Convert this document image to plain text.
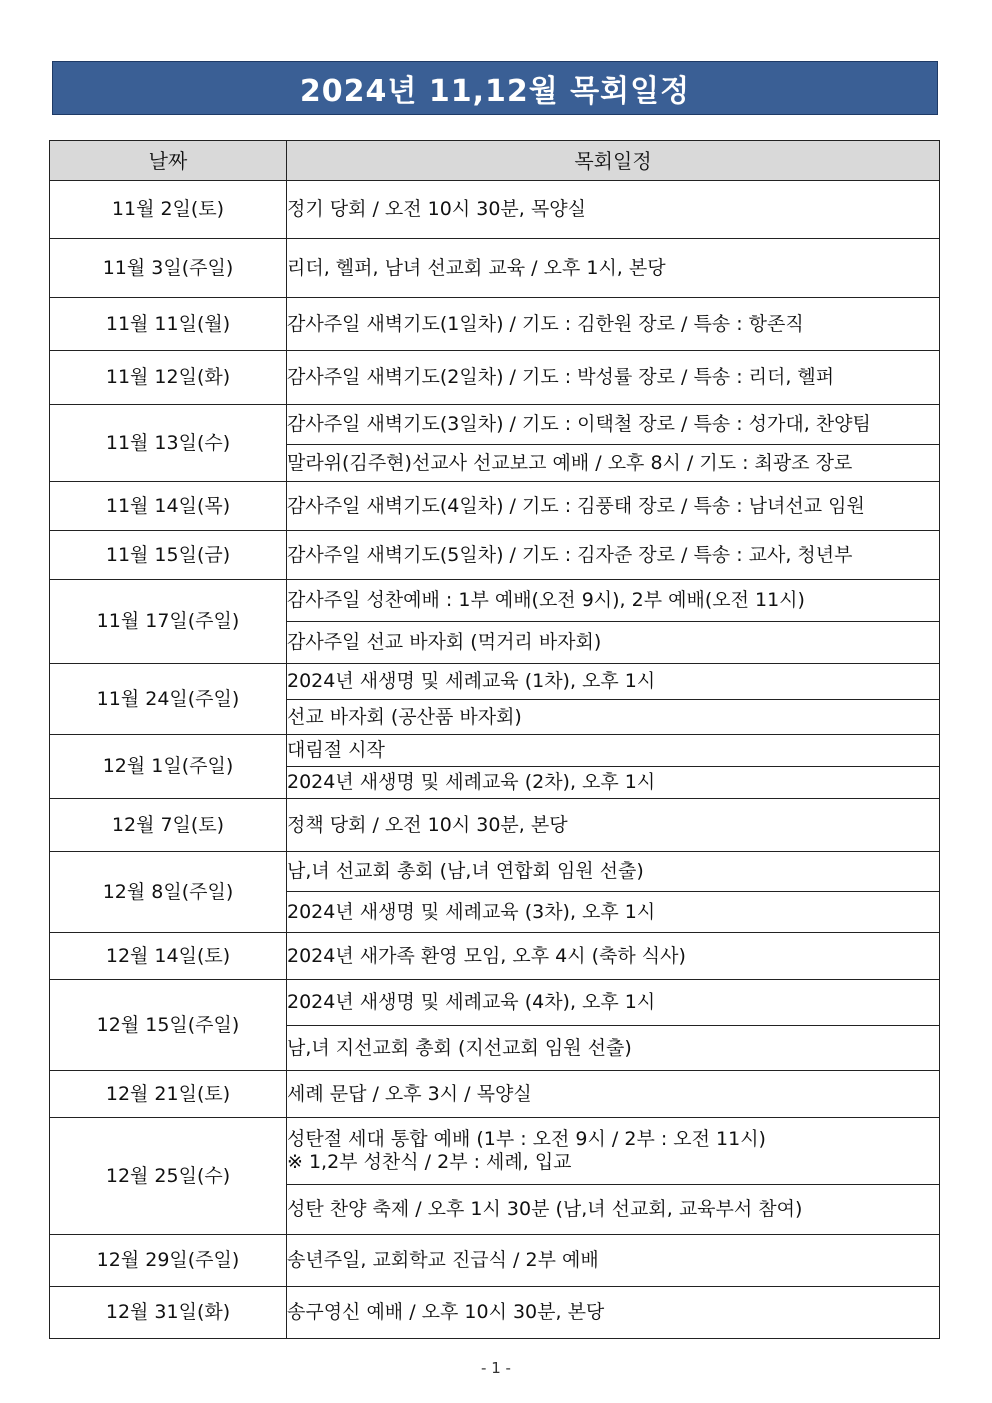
2024년 11,12월 목회일정
날짜	목회일정
11월 2일(토)	정기 당회 / 오전 10시 30분, 목양실
11월 3일(주일)	리더, 헬퍼, 남녀 선교회 교육 / 오후 1시, 본당
11월 11일(월)	감사주일 새벽기도(1일차) / 기도 : 김한원 장로 / 특송 : 항존직
11월 12일(화)	감사주일 새벽기도(2일차) / 기도 : 박성률 장로 / 특송 : 리더, 헬퍼
11월 13일(수)	감사주일 새벽기도(3일차) / 기도 : 이택철 장로 / 특송 : 성가대, 찬양팀
	말라위(김주현)선교사 선교보고 예배 / 오후 8시 / 기도 : 최광조 장로
11월 14일(목)	감사주일 새벽기도(4일차) / 기도 : 김풍태 장로 / 특송 : 남녀선교 임원
11월 15일(금)	감사주일 새벽기도(5일차) / 기도 : 김자준 장로 / 특송 : 교사, 청년부
11월 17일(주일)	감사주일 성찬예배 : 1부 예배(오전 9시), 2부 예배(오전 11시)
	감사주일 선교 바자회 (먹거리 바자회)
11월 24일(주일)	2024년 새생명 및 세례교육 (1차), 오후 1시
	선교 바자회 (공산품 바자회)
12월 1일(주일)	대림절 시작
	2024년 새생명 및 세례교육 (2차), 오후 1시
12월 7일(토)	정책 당회 / 오전 10시 30분, 본당
12월 8일(주일)	남,녀 선교회 총회 (남,녀 연합회 임원 선출)
	2024년 새생명 및 세례교육 (3차), 오후 1시
12월 14일(토)	2024년 새가족 환영 모임, 오후 4시 (축하 식사)
12월 15일(주일)	2024년 새생명 및 세례교육 (4차), 오후 1시
	남,녀 지선교회 총회 (지선교회 임원 선출)
12월 21일(토)	세례 문답 / 오후 3시 / 목양실
12월 25일(수)	성탄절 세대 통합 예배 (1부 : 오전 9시 / 2부 : 오전 11시)
※ 1,2부 성찬식 / 2부 : 세례, 입교

	성탄 찬양 축제 / 오후 1시 30분 (남,녀 선교회, 교육부서 참여)
12월 29일(주일)	송년주일, 교회학교 진급식 / 2부 예배
12월 31일(화)	송구영신 예배 / 오후 10시 30분, 본당
- 1 -
